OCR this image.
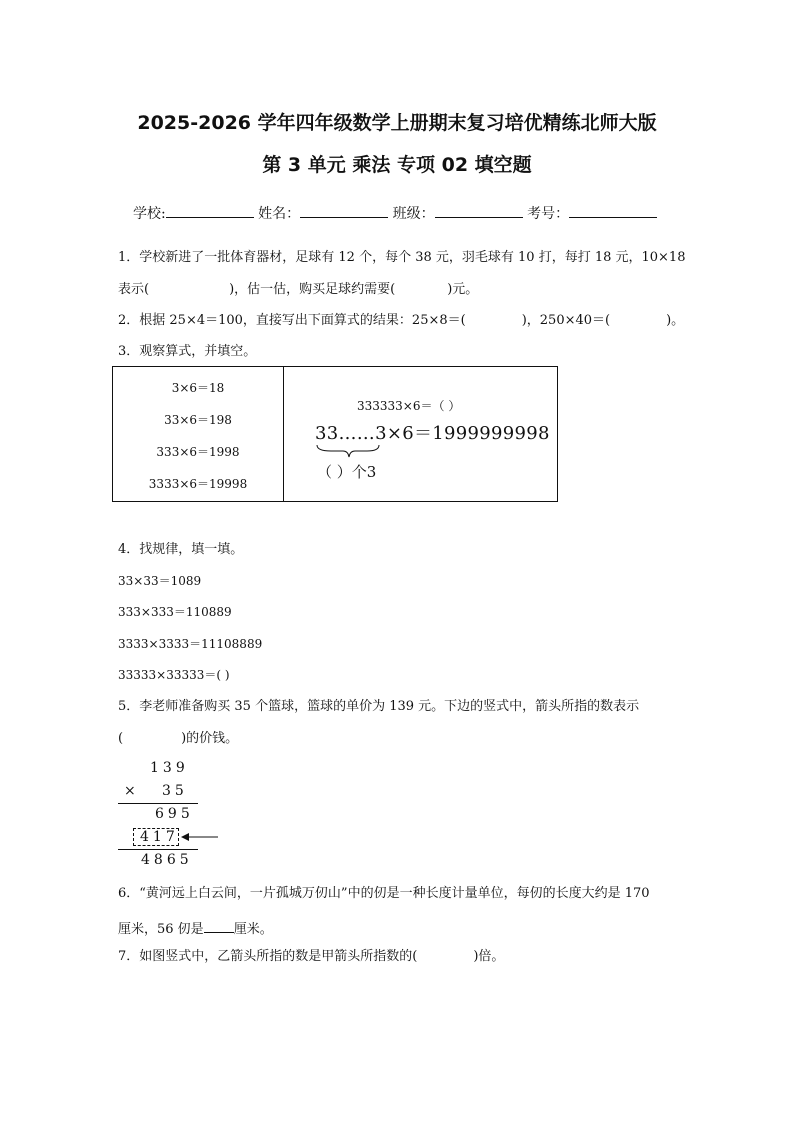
2025-2026 学年四年级数学上册期末复习培优精练北师大版
第 3 单元 乘法 专项 02 填空题
学校:	姓名：	班级：	考号：
1．学校新进了一批体育器材，足球有 12 个，每个 38 元，羽毛球有 10 打，每打 18 元，10×18
表示(	)，估一估，购买足球约需要(	)元。
2．根据 25×4＝100，直接写出下面算式的结果：25×8＝(	)，250×40＝(	)。
3．观察算式，并填空。
3×6＝18
33×6＝198
333×6＝1998
3333×6＝19998
333333×6＝（ ）
33……3×6＝1999999998
（ ）个3
4．找规律，填一填。
33×33＝1089
333×333＝110889
3333×3333＝11108889
33333×33333＝( )
5．李老师准备购买 35 个篮球，篮球的单价为 139 元。下边的竖式中，箭头所指的数表示
(	)的价钱。
139
× 35
695
417
4865
6．“黄河远上白云间，一片孤城万仞山”中的仞是一种长度计量单位，每仞的长度大约是 170
厘米，56 仞是 厘米。
7．如图竖式中，乙箭头所指的数是甲箭头所指数的(	)倍。
